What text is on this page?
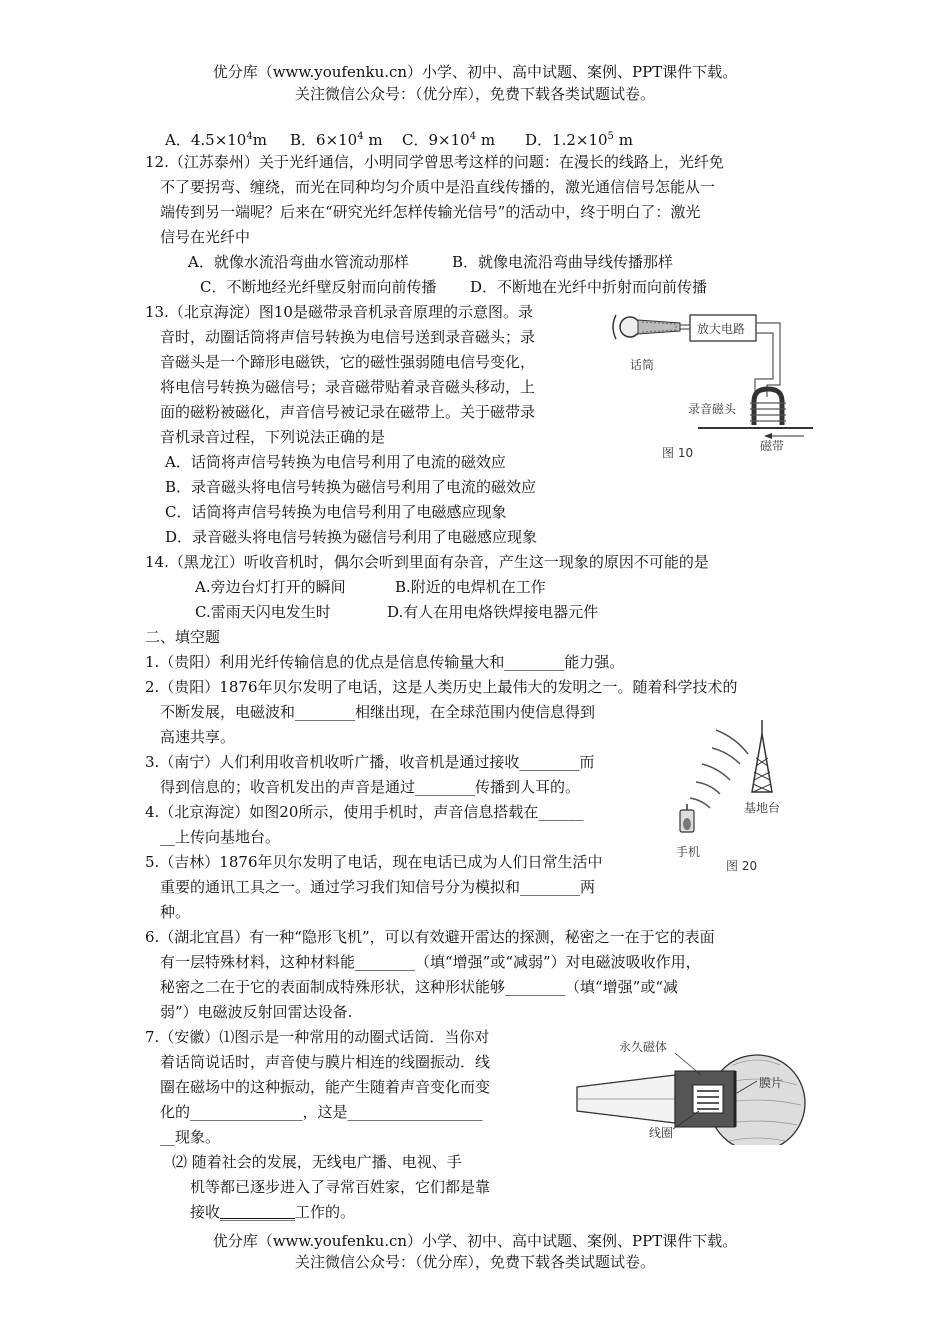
优分库（www.youfenku.cn）小学、初中、高中试题、案例、PPT课件下载。
关注微信公众号：（优分库），免费下载各类试题试卷。
A．$4.5\times 10^4m$ B．$6\times 10^4$ m C．$9\times 10^4$ m D．$1.2\times 10^5$ m
12.（江苏泰州）关于光纤通信，小明同学曾思考这样的问题：在漫长的线路上，光纤免
不了要拐弯、缠绕，而光在同种均匀介质中是沿直线传播的，激光通信信号怎能从一
端传到另一端呢？后来在“研究光纤怎样传输光信号”的活动中，终于明白了：激光
信号在光纤中
A．就像水流沿弯曲水管流动那样	B．就像电流沿弯曲导线传播那样
C．不断地经光纤壁反射而向前传播 D．不断地在光纤中折射而向前传播
13.（北京海淀）图10是磁带录音机录音原理的示意图。录
音时，动圈话筒将声信号转换为电信号送到录音磁头；录
音磁头是一个蹄形电磁铁，它的磁性强弱随电信号变化，
将电信号转换为磁信号；录音磁带贴着录音磁头移动，上
面的磁粉被磁化，声音信号被记录在磁带上。关于磁带录
音机录音过程，下列说法正确的是
A．话筒将声信号转换为电信号利用了电流的磁效应
B．录音磁头将电信号转换为磁信号利用了电流的磁效应
C．话筒将声信号转换为电信号利用了电磁感应现象
D．录音磁头将电信号转换为磁信号利用了电磁感应现象
话筒
放大电路
录音磁头
磁带
图 10
14.（黑龙江）听收音机时，偶尔会听到里面有杂音，产生这一现象的原因不可能的是
A.旁边台灯打开的瞬间	B.附近的电焊机在工作
C.雷雨天闪电发生时	D.有人在用电烙铁焊接电器元件
二、填空题
1.（贵阳）利用光纤传输信息的优点是信息传输量大和________能力强。
2.（贵阳）1876年贝尔发明了电话，这是人类历史上最伟大的发明之一。随着科学技术的
不断发展，电磁波和________相继出现，在全球范围内使信息得到
高速共享。
3.（南宁）人们利用收音机收听广播，收音机是通过接收________而
得到信息的；收音机发出的声音是通过________传播到人耳的。
4.（北京海淀）如图20所示，使用手机时，声音信息搭载在______
__上传向基地台。
基地台
手机
图 20
5.（吉林）1876年贝尔发明了电话，现在电话已成为人们日常生活中
重要的通讯工具之一。通过学习我们知信号分为模拟和________两
种。
6.（湖北宜昌）有一种“隐形飞机”，可以有效避开雷达的探测，秘密之一在于它的表面
有一层特殊材料，这种材料能________（填“增强”或“减弱”）对电磁波吸收作用，
秘密之二在于它的表面制成特殊形状，这种形状能够________（填“增强”或“减
弱”）电磁波反射回雷达设备.
7.（安徽）⑴图示是一种常用的动圈式话筒．当你对
着话筒说话时，声音使与膜片相连的线圈振动．线
圈在磁场中的这种振动，能产生随着声音变化而变
化的_______________，这是__________________
__现象。
⑵ 随着社会的发展，无线电广播、电视、手
机等都已逐步进入了寻常百姓家，它们都是靠
接收__________工作的。
永久磁体
膜片
线圈
优分库（www.youfenku.cn）小学、初中、高中试题、案例、PPT课件下载。
关注微信公众号：（优分库），免费下载各类试题试卷。
